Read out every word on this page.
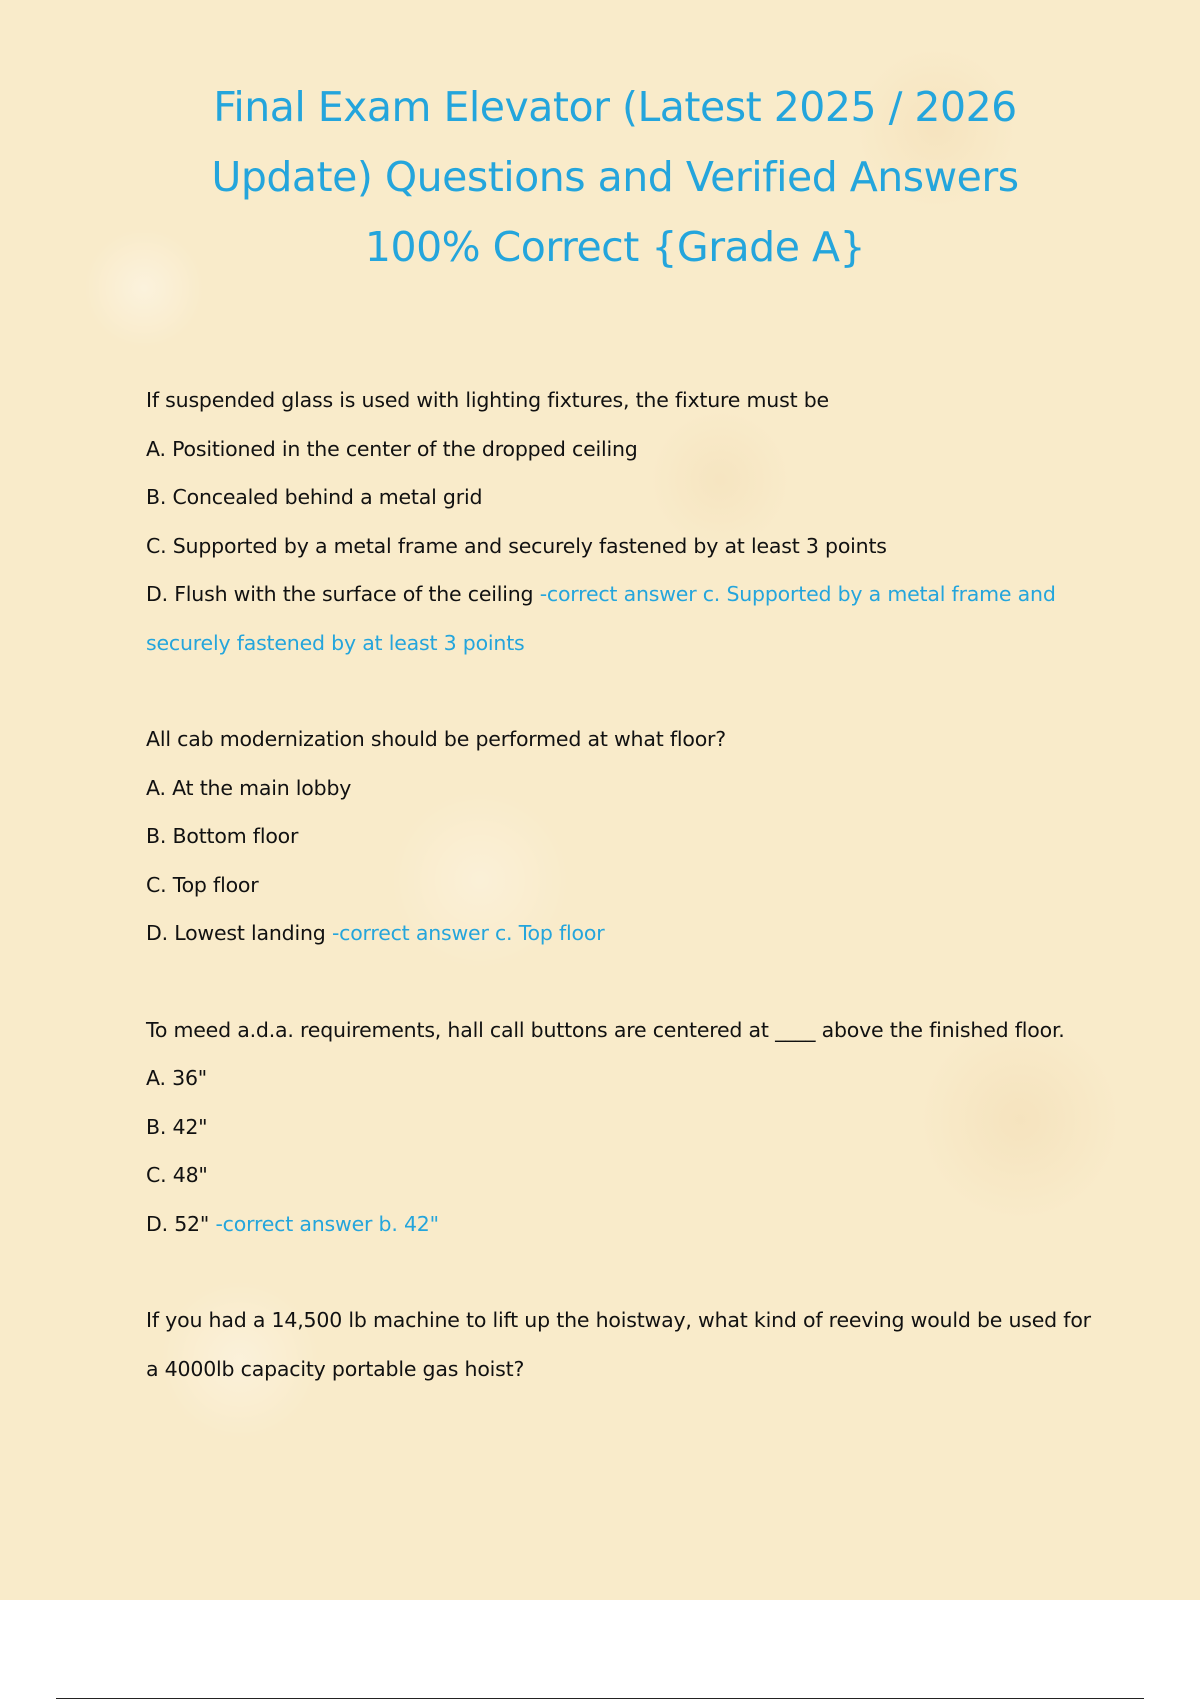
Final Exam Elevator (Latest 2025 / 2026 Update) Questions and Verified Answers 100% Correct {Grade A}
If suspended glass is used with lighting fixtures, the fixture must be
A. Positioned in the center of the dropped ceiling
B. Concealed behind a metal grid
C. Supported by a metal frame and securely fastened by at least 3 points
D. Flush with the surface of the ceiling -correct answer c. Supported by a metal frame and securely fastened by at least 3 points
All cab modernization should be performed at what floor?
A. At the main lobby
B. Bottom floor
C. Top floor
D. Lowest landing -correct answer c. Top floor
To meed a.d.a. requirements, hall call buttons are centered at ____ above the finished floor.
A. 36"
B. 42"
C. 48"
D. 52" -correct answer b. 42"
If you had a 14,500 lb machine to lift up the hoistway, what kind of reeving would be used for a 4000lb capacity portable gas hoist?
